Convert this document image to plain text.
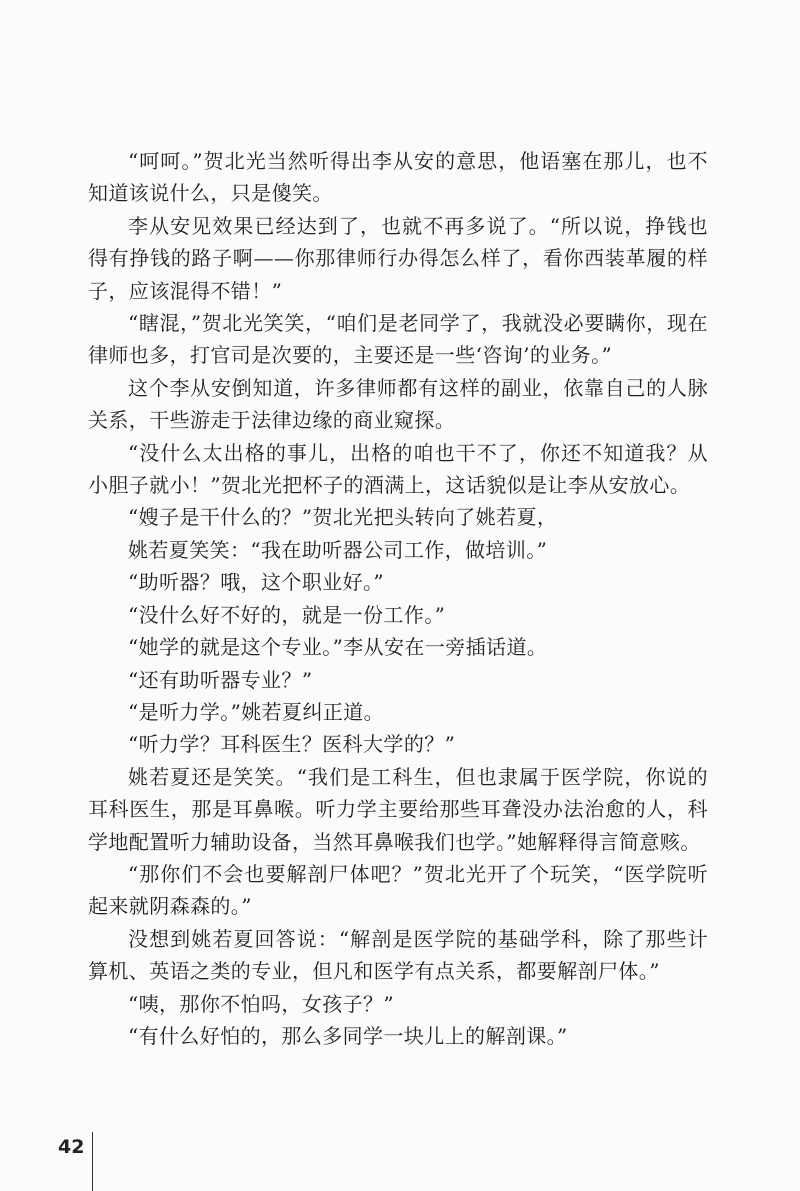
“呵呵。”贺北光当然听得出李从安的意思，他语塞在那儿，也不知道该说什么，只是傻笑。

李从安见效果已经达到了，也就不再多说了。“所以说，挣钱也得有挣钱的路子啊——你那律师行办得怎么样了，看你西装革履的样子，应该混得不错！”

“瞎混，”贺北光笑笑，“咱们是老同学了，我就没必要瞒你，现在律师也多，打官司是次要的，主要还是一些‘咨询’的业务。”

这个李从安倒知道，许多律师都有这样的副业，依靠自己的人脉关系，干些游走于法律边缘的商业窥探。

“没什么太出格的事儿，出格的咱也干不了，你还不知道我？从小胆子就小！”贺北光把杯子的酒满上，这话貌似是让李从安放心。

“嫂子是干什么的？”贺北光把头转向了姚若夏，

姚若夏笑笑：“我在助听器公司工作，做培训。”

“助听器？哦，这个职业好。”

“没什么好不好的，就是一份工作。”

“她学的就是这个专业。”李从安在一旁插话道。

“还有助听器专业？”

“是听力学。”姚若夏纠正道。

“听力学？耳科医生？医科大学的？”

姚若夏还是笑笑。“我们是工科生，但也隶属于医学院，你说的耳科医生，那是耳鼻喉。听力学主要给那些耳聋没办法治愈的人，科学地配置听力辅助设备，当然耳鼻喉我们也学。”她解释得言简意赅。

“那你们不会也要解剖尸体吧？”贺北光开了个玩笑，“医学院听起来就阴森森的。”

没想到姚若夏回答说：“解剖是医学院的基础学科，除了那些计算机、英语之类的专业，但凡和医学有点关系，都要解剖尸体。”

“咦，那你不怕吗，女孩子？”

“有什么好怕的，那么多同学一块儿上的解剖课。”

42
